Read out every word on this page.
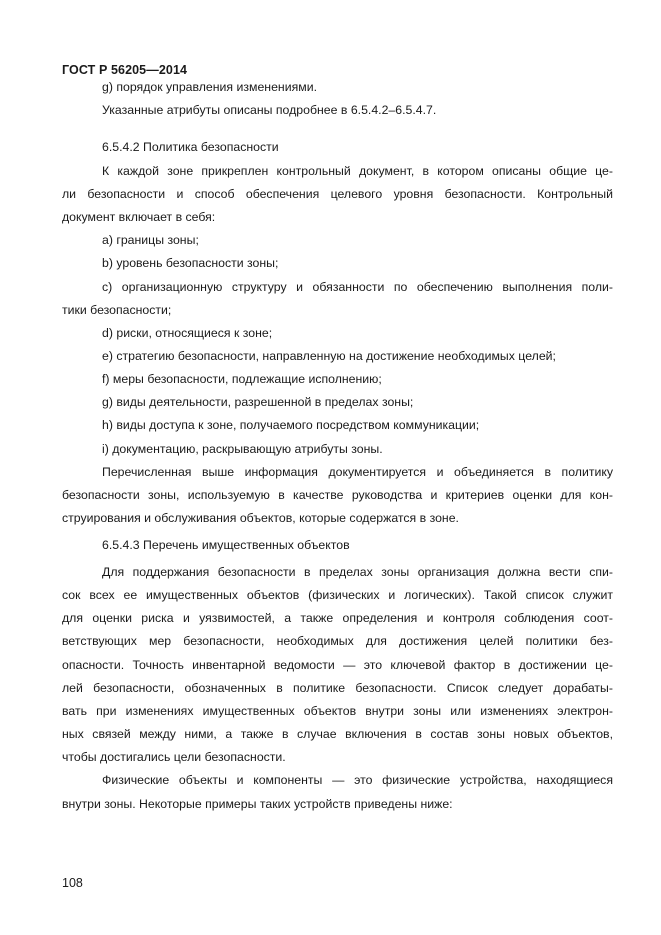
ГОСТ Р 56205—2014
g) порядок управления изменениями.
Указанные атрибуты описаны подробнее в 6.5.4.2–6.5.4.7.
6.5.4.2 Политика безопасности
К каждой зоне прикреплен контрольный документ, в котором описаны общие це-
ли безопасности и способ обеспечения целевого уровня безопасности. Контрольный
документ включает в себя:
a) границы зоны;
b) уровень безопасности зоны;
c) организационную структуру и обязанности по обеспечению выполнения поли-
тики безопасности;
d) риски, относящиеся к зоне;
e) стратегию безопасности, направленную на достижение необходимых целей;
f) меры безопасности, подлежащие исполнению;
g) виды деятельности, разрешенной в пределах зоны;
h) виды доступа к зоне, получаемого посредством коммуникации;
i) документацию, раскрывающую атрибуты зоны.
Перечисленная выше информация документируется и объединяется в политику
безопасности зоны, используемую в качестве руководства и критериев оценки для кон-
струирования и обслуживания объектов, которые содержатся в зоне.
6.5.4.3 Перечень имущественных объектов
Для поддержания безопасности в пределах зоны организация должна вести спи-
сок всех ее имущественных объектов (физических и логических). Такой список служит
для оценки риска и уязвимостей, а также определения и контроля соблюдения соот-
ветствующих мер безопасности, необходимых для достижения целей политики без-
опасности. Точность инвентарной ведомости — это ключевой фактор в достижении це-
лей безопасности, обозначенных в политике безопасности. Список следует дорабаты-
вать при изменениях имущественных объектов внутри зоны или изменениях электрон-
ных связей между ними, а также в случае включения в состав зоны новых объектов,
чтобы достигались цели безопасности.
Физические объекты и компоненты — это физические устройства, находящиеся
внутри зоны. Некоторые примеры таких устройств приведены ниже:
108
